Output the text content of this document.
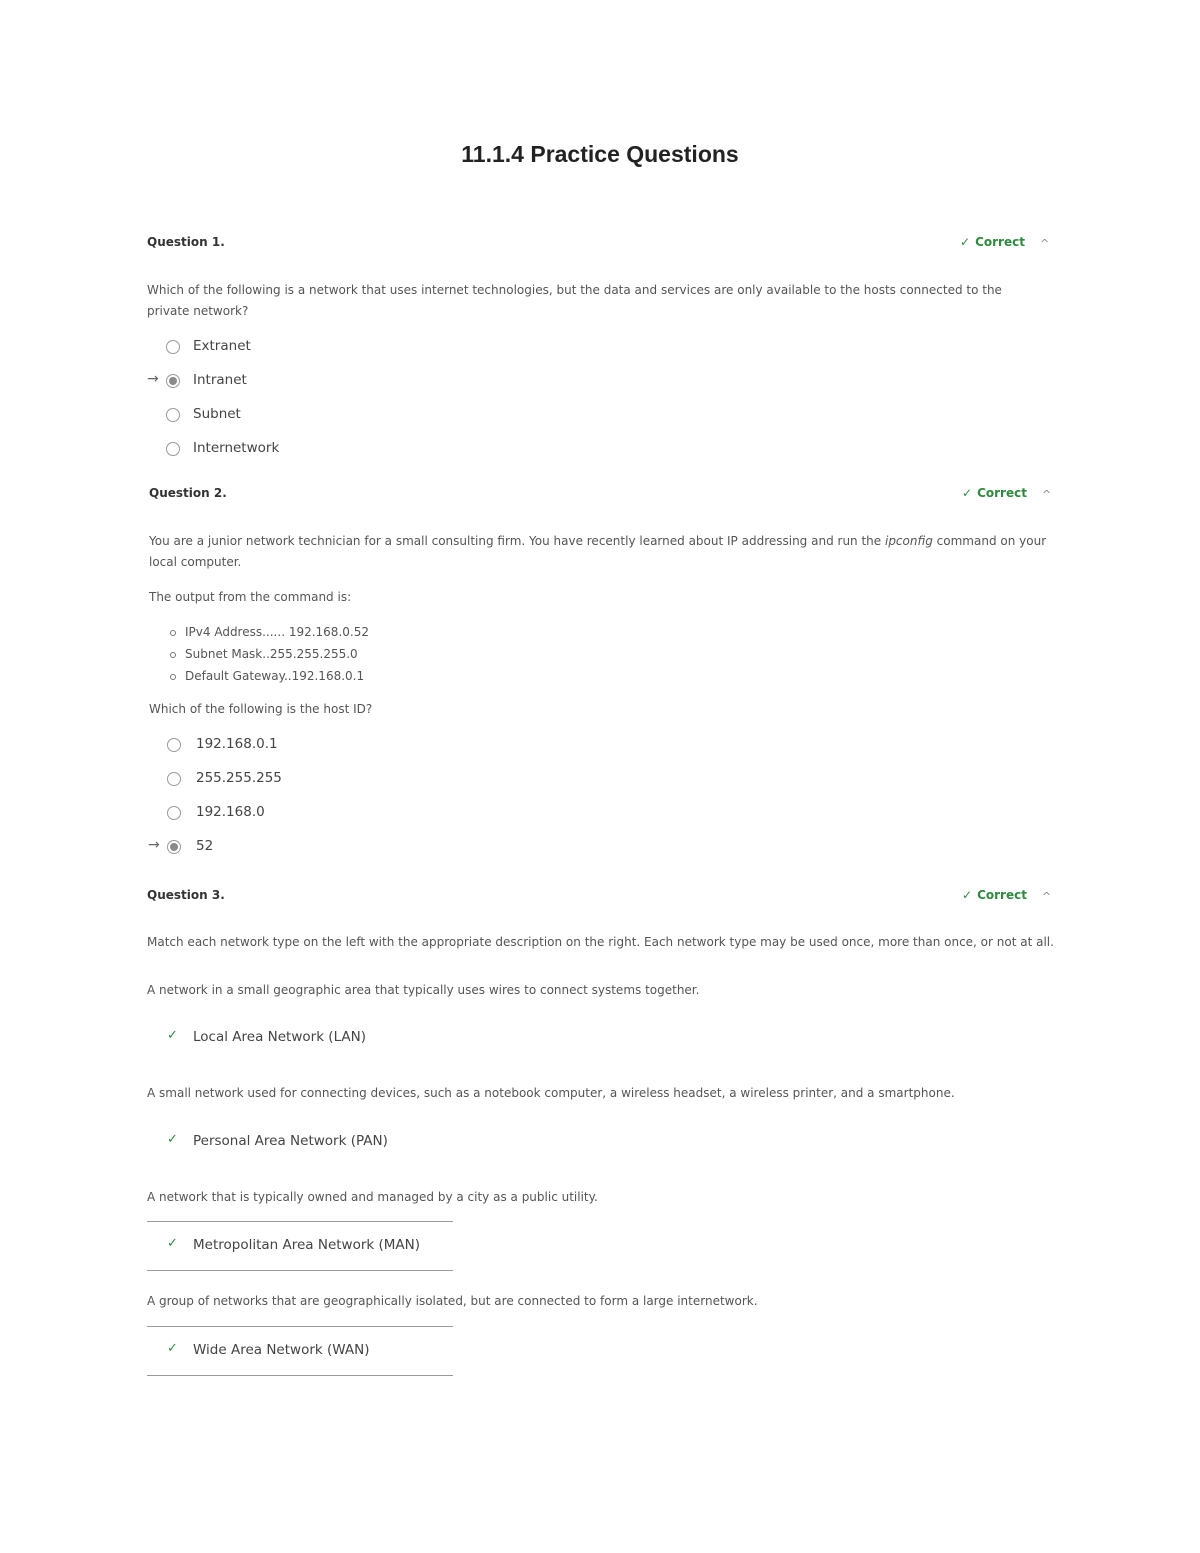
11.1.4 Practice Questions
Question 1.	✓ Correct ^
Which of the following is a network that uses internet technologies, but the data and services are only available to the hosts connected to the private network?
Extranet
→	Intranet
Subnet
Internetwork
Question 2.	✓ Correct ^
You are a junior network technician for a small consulting firm. You have recently learned about IP addressing and run the ipconfig command on your local computer.
The output from the command is:
IPv4 Address...... 192.168.0.52
Subnet Mask..255.255.255.0
Default Gateway..192.168.0.1
Which of the following is the host ID?
192.168.0.1
255.255.255
192.168.0
→	52
Question 3.	✓ Correct ^
Match each network type on the left with the appropriate description on the right. Each network type may be used once, more than once, or not at all.
A network in a small geographic area that typically uses wires to connect systems together.
✓ Local Area Network (LAN)
A small network used for connecting devices, such as a notebook computer, a wireless headset, a wireless printer, and a smartphone.
✓ Personal Area Network (PAN)
A network that is typically owned and managed by a city as a public utility.
✓ Metropolitan Area Network (MAN)
A group of networks that are geographically isolated, but are connected to form a large internetwork.
✓ Wide Area Network (WAN)
